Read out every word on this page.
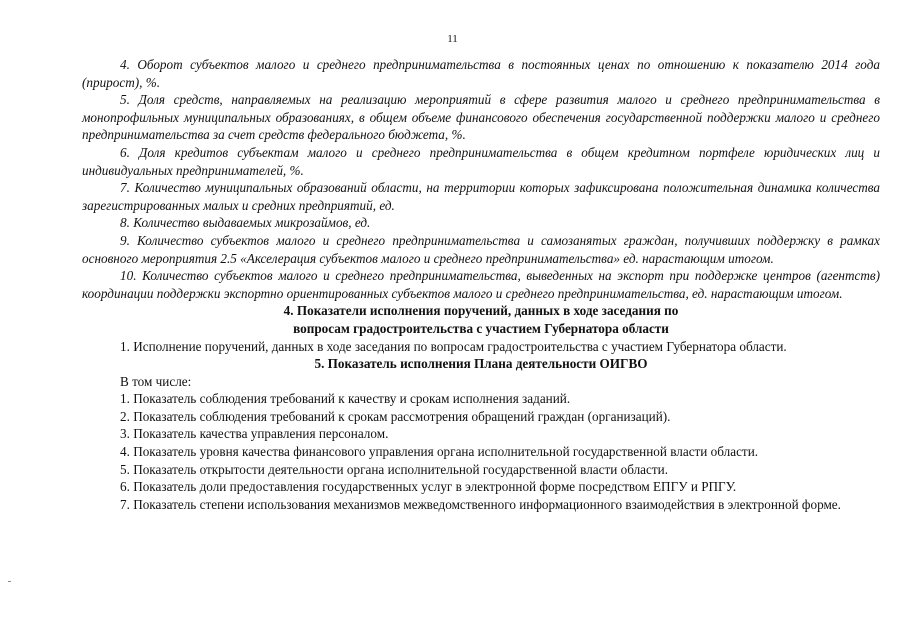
11

4. Оборот субъектов малого и среднего предпринимательства в постоянных ценах по отношению к показателю 2014 года (прирост), %.

5. Доля средств, направляемых на реализацию мероприятий в сфере развития малого и среднего предпринимательства в монопрофильных муниципальных образованиях, в общем объеме финансового обеспечения государственной поддержки малого и среднего предпринимательства за счет средств федерального бюджета, %.

6. Доля кредитов субъектам малого и среднего предпринимательства в общем кредитном портфеле юридических лиц и индивидуальных предпринимателей, %.

7. Количество муниципальных образований области, на территории которых зафиксирована положительная динамика количества зарегистрированных малых и средних предприятий, ед.

8. Количество выдаваемых микрозаймов, ед.

9. Количество субъектов малого и среднего предпринимательства и самозанятых граждан, получивших поддержку в рамках основного мероприятия 2.5 «Акселерация субъектов малого и среднего предпринимательства» ед. нарастающим итогом.

10. Количество субъектов малого и среднего предпринимательства, выведенных на экспорт при поддержке центров (агентств) координации поддержки экспортно ориентированных субъектов малого и среднего предпринимательства, ед. нарастающим итогом.

4. Показатели исполнения поручений, данных в ходе заседания по

вопросам градостроительства с участием Губернатора области

1. Исполнение поручений, данных в ходе заседания по вопросам градостроительства с участием Губернатора области.

5. Показатель исполнения Плана деятельности ОИГВО

В том числе:

1. Показатель соблюдения требований к качеству и срокам исполнения заданий.

2. Показатель соблюдения требований к срокам рассмотрения обращений граждан (организаций).

3. Показатель качества управления персоналом.

4. Показатель уровня качества финансового управления органа исполнительной государственной власти области.

5. Показатель открытости деятельности органа исполнительной государственной власти области.

6. Показатель доли предоставления государственных услуг в электронной форме посредством ЕПГУ и РПГУ.

7. Показатель степени использования механизмов межведомственного информационного взаимодействия в электронной форме.
